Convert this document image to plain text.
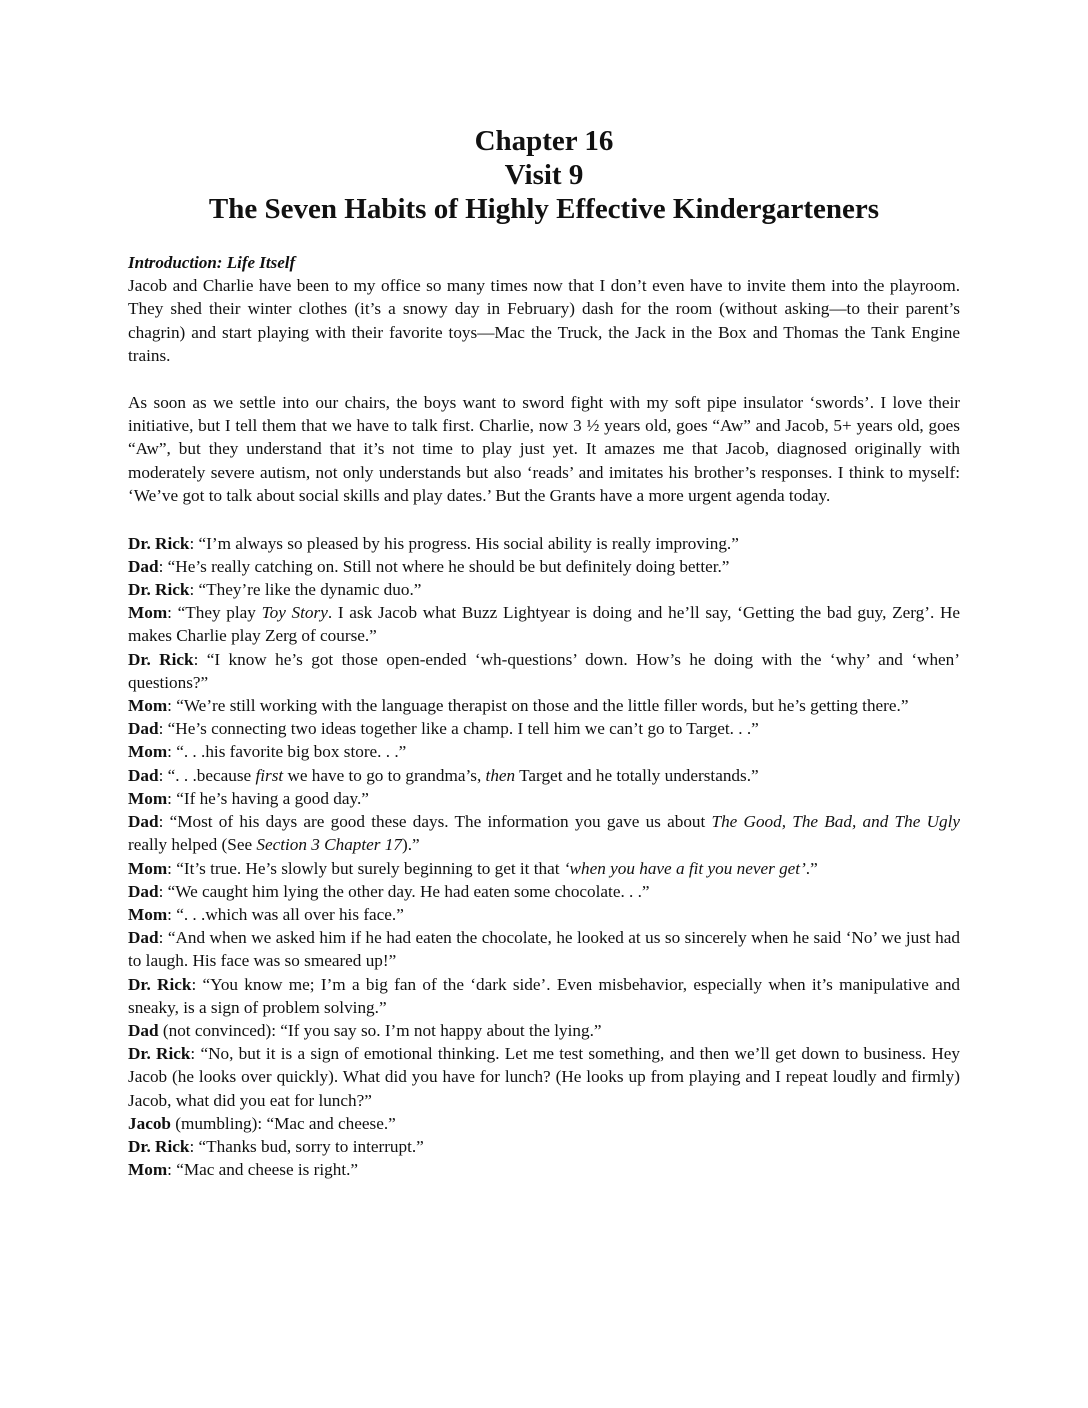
Chapter 16
Visit 9
The Seven Habits of Highly Effective Kindergarteners
Introduction: Life Itself

Jacob and Charlie have been to my office so many times now that I don’t even have to invite them into the playroom. They shed their winter clothes (it’s a snowy day in February) dash for the room (without asking—to their parent’s chagrin) and start playing with their favorite toys—Mac the Truck, the Jack in the Box and Thomas the Tank Engine trains.

As soon as we settle into our chairs, the boys want to sword fight with my soft pipe insulator ‘swords’. I love their initiative, but I tell them that we have to talk first. Charlie, now 3 ½ years old, goes “Aw” and Jacob, 5+ years old, goes “Aw”, but they understand that it’s not time to play just yet. It amazes me that Jacob, diagnosed originally with moderately severe autism, not only understands but also ‘reads’ and imitates his brother’s responses. I think to myself: ‘We’ve got to talk about social skills and play dates.’ But the Grants have a more urgent agenda today.

Dr. Rick: “I’m always so pleased by his progress. His social ability is really improving.”

Dad: “He’s really catching on. Still not where he should be but definitely doing better.”

Dr. Rick: “They’re like the dynamic duo.”

Mom: “They play Toy Story. I ask Jacob what Buzz Lightyear is doing and he’ll say, ‘Getting the bad guy, Zerg’. He makes Charlie play Zerg of course.”

Dr. Rick: “I know he’s got those open-ended ‘wh-questions’ down. How’s he doing with the ‘why’ and ‘when’ questions?”

Mom: “We’re still working with the language therapist on those and the little filler words, but he’s getting there.”

Dad: “He’s connecting two ideas together like a champ. I tell him we can’t go to Target. . .”

Mom: “. . .his favorite big box store. . .”

Dad: “. . .because first we have to go to grandma’s, then Target and he totally understands.”

Mom: “If he’s having a good day.”

Dad: “Most of his days are good these days. The information you gave us about The Good, The Bad, and The Ugly really helped (See Section 3 Chapter 17).”

Mom: “It’s true. He’s slowly but surely beginning to get it that ‘when you have a fit you never get’.”

Dad: “We caught him lying the other day. He had eaten some chocolate. . .”

Mom: “. . .which was all over his face.”

Dad: “And when we asked him if he had eaten the chocolate, he looked at us so sincerely when he said ‘No’ we just had to laugh. His face was so smeared up!”

Dr. Rick: “You know me; I’m a big fan of the ‘dark side’. Even misbehavior, especially when it’s manipulative and sneaky, is a sign of problem solving.”

Dad (not convinced): “If you say so. I’m not happy about the lying.”

Dr. Rick: “No, but it is a sign of emotional thinking. Let me test something, and then we’ll get down to business. Hey Jacob (he looks over quickly). What did you have for lunch? (He looks up from playing and I repeat loudly and firmly) Jacob, what did you eat for lunch?”

Jacob (mumbling): “Mac and cheese.”

Dr. Rick: “Thanks bud, sorry to interrupt.”

Mom: “Mac and cheese is right.”
